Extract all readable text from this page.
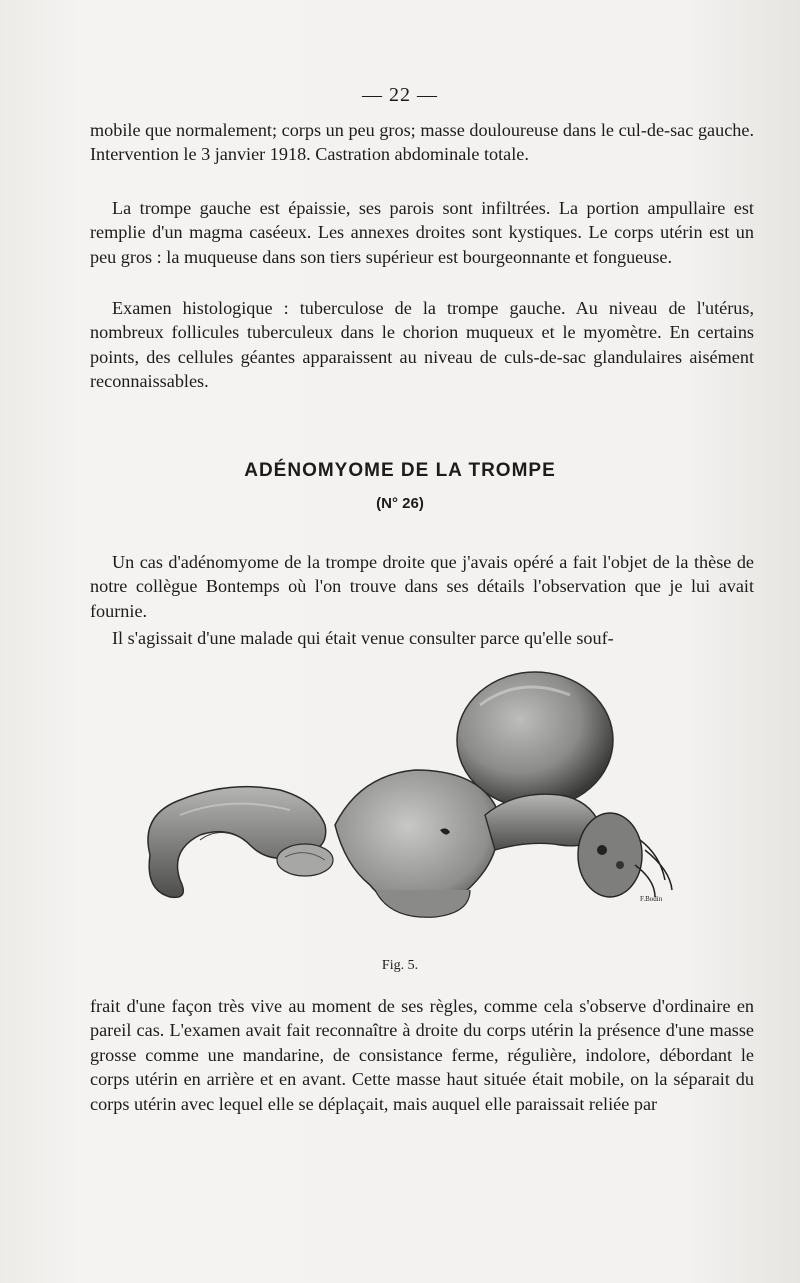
— 22 —

mobile que normalement; corps un peu gros; masse douloureuse dans le cul-de-sac gauche. Intervention le 3 janvier 1918. Castration abdominale totale.

La trompe gauche est épaissie, ses parois sont infiltrées. La portion ampullaire est remplie d'un magma caséeux. Les annexes droites sont kystiques. Le corps utérin est un peu gros : la muqueuse dans son tiers supérieur est bourgeonnante et fongueuse.

Examen histologique : tuberculose de la trompe gauche. Au niveau de l'utérus, nombreux follicules tuberculeux dans le chorion muqueux et le myomètre. En certains points, des cellules géantes apparaissent au niveau de culs-de-sac glandulaires aisément reconnaissables.

ADÉNOMYOME DE LA TROMPE
(N° 26)

Un cas d'adénomyome de la trompe droite que j'avais opéré a fait l'objet de la thèse de notre collègue Bontemps où l'on trouve dans ses détails l'observation que je lui avait fournie.

Il s'agissait d'une malade qui était venue consulter parce qu'elle souf-

F.Bodin
Fig. 5.

frait d'une façon très vive au moment de ses règles, comme cela s'observe d'ordinaire en pareil cas. L'examen avait fait reconnaître à droite du corps utérin la présence d'une masse grosse comme une mandarine, de consistance ferme, régulière, indolore, débordant le corps utérin en arrière et en avant. Cette masse haut située était mobile, on la séparait du corps utérin avec lequel elle se déplaçait, mais auquel elle paraissait reliée par
